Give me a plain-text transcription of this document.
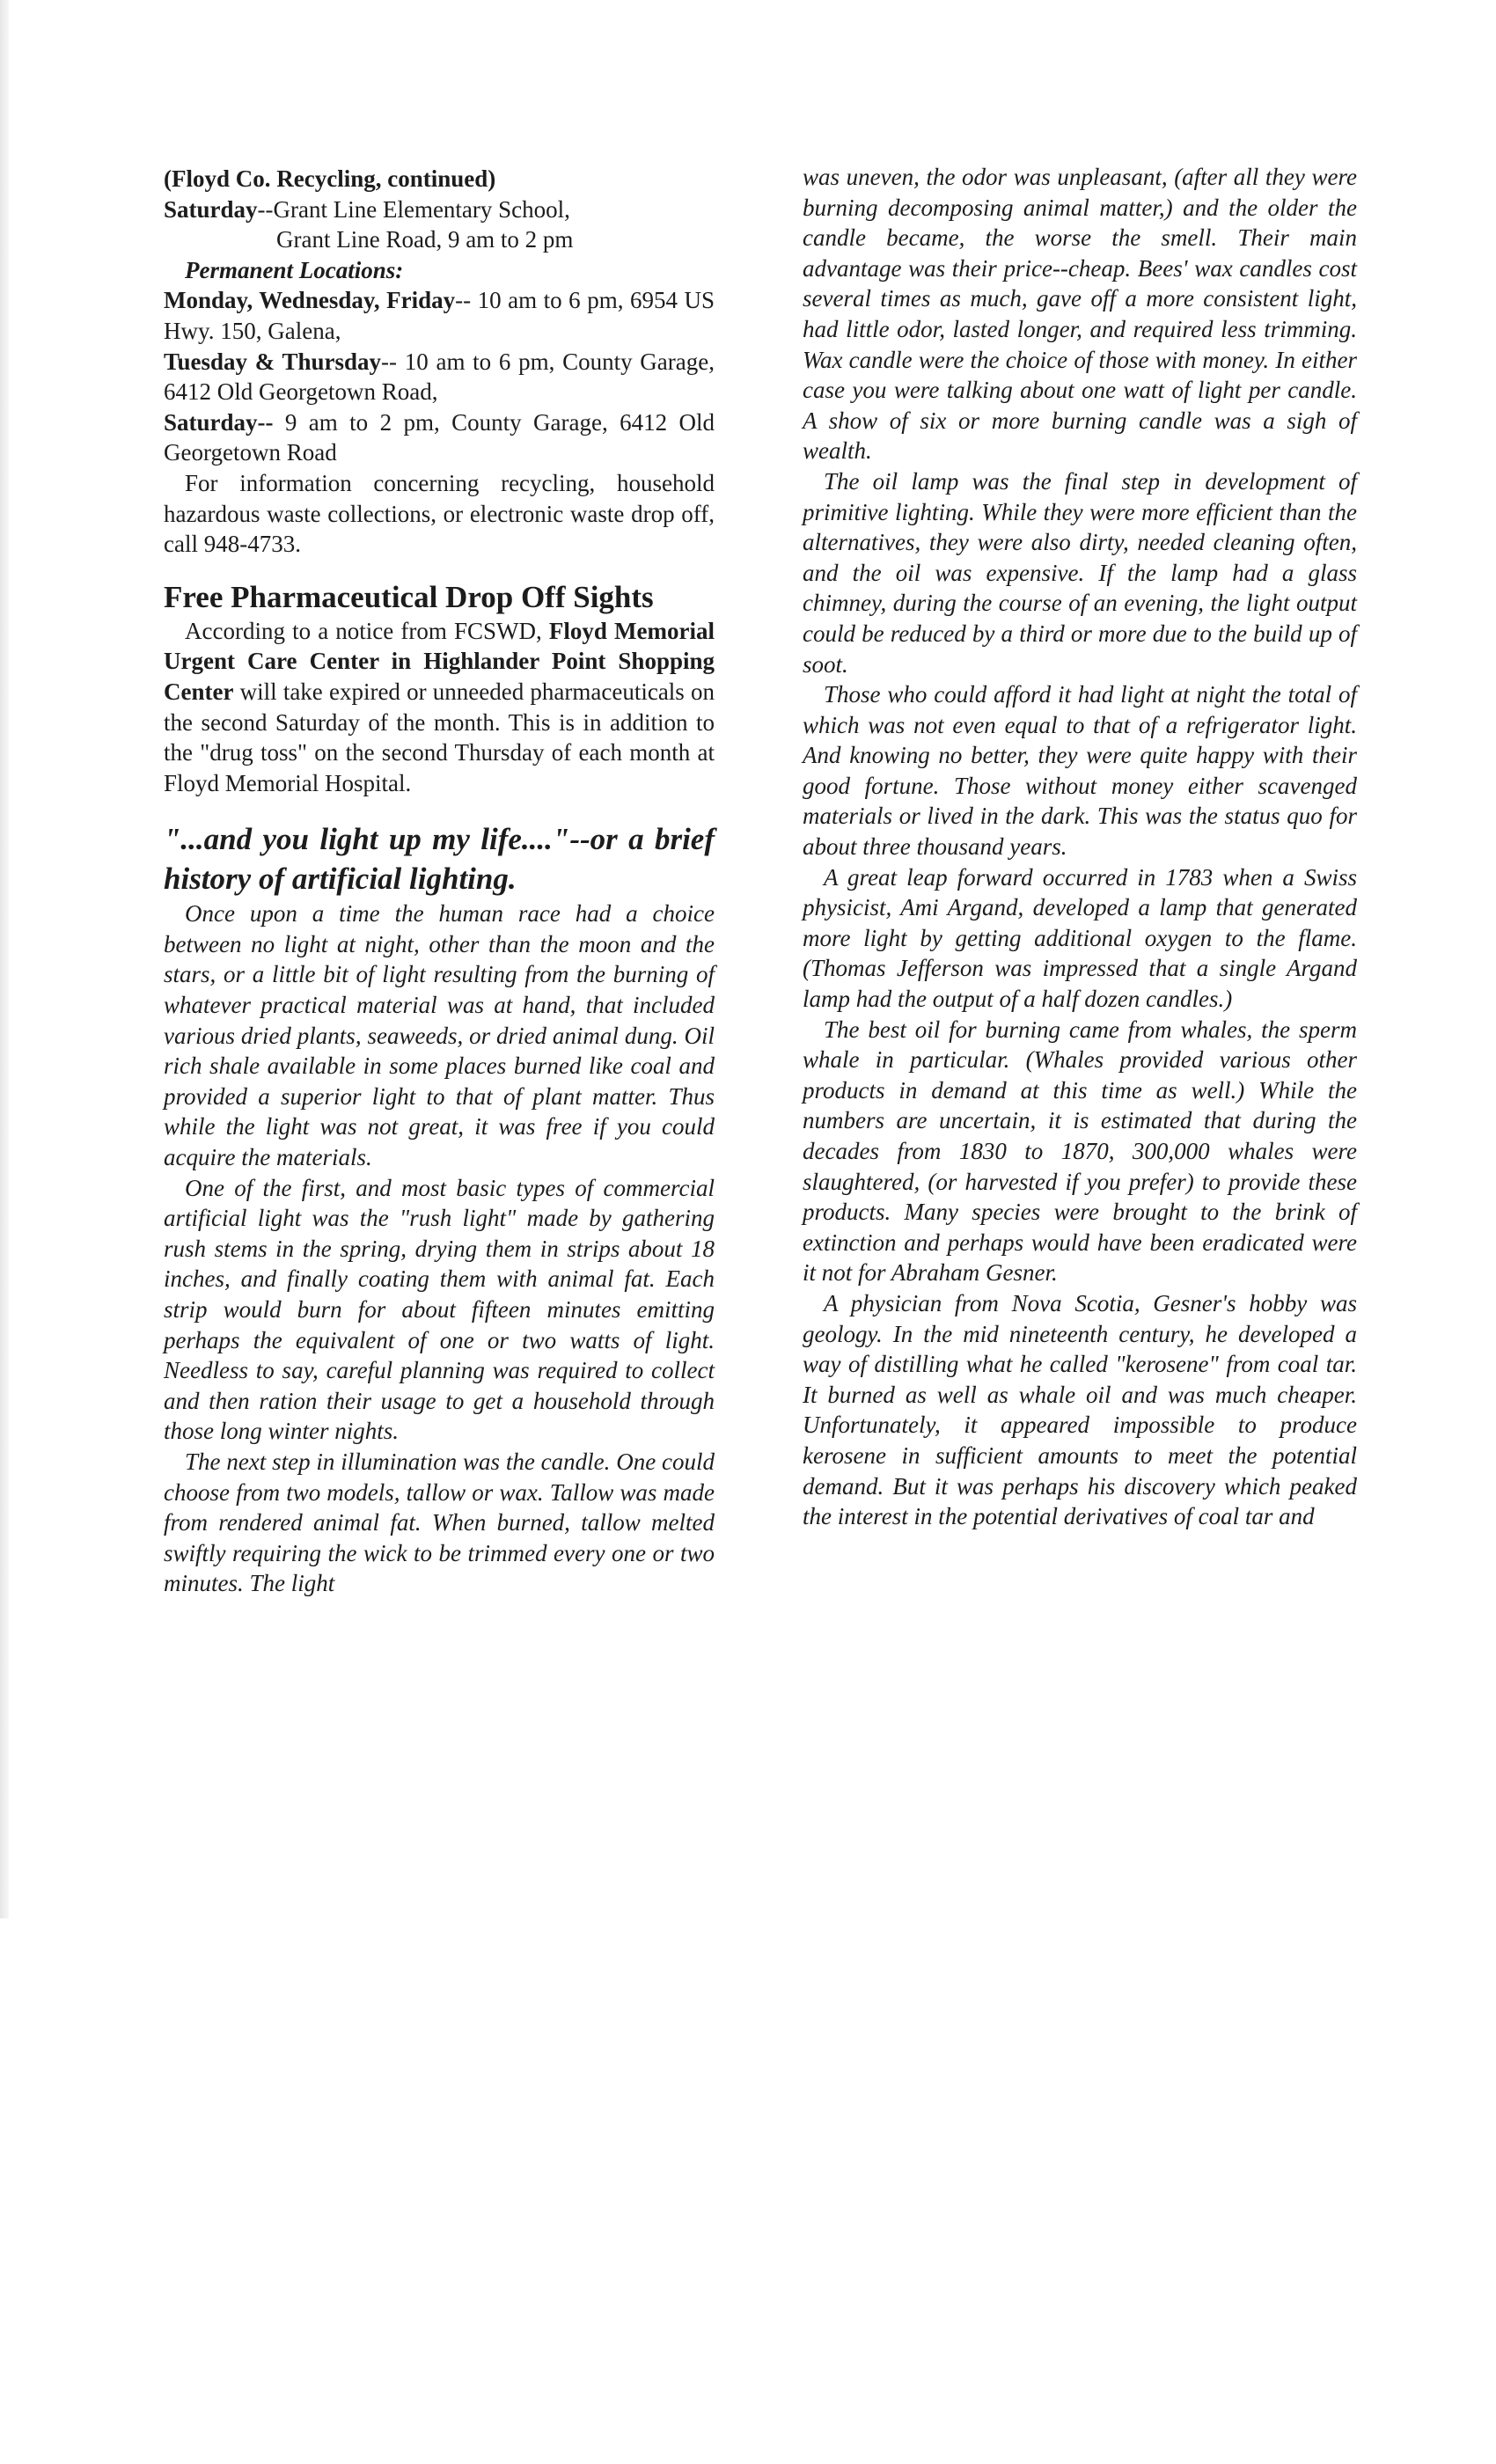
(Floyd Co. Recycling, continued)

Saturday--Grant Line Elementary School,

Grant Line Road, 9 am to 2 pm

Permanent Locations:

Monday, Wednesday, Friday-- 10 am to 6 pm, 6954 US Hwy. 150, Galena,

Tuesday & Thursday-- 10 am to 6 pm, County Garage, 6412 Old Georgetown Road,

Saturday-- 9 am to 2 pm, County Garage, 6412 Old Georgetown Road

For information concerning recycling, household hazardous waste collections, or electronic waste drop off, call 948-4733.

Free Pharmaceutical Drop Off Sights

According to a notice from FCSWD, Floyd Memorial Urgent Care Center in Highlander Point Shopping Center will take expired or unneeded pharmaceuticals on the second Saturday of the month. This is in addition to the "drug toss" on the second Thursday of each month at Floyd Memorial Hospital.

"...and you light up my life...."--or a brief history of artificial lighting.

Once upon a time the human race had a choice between no light at night, other than the moon and the stars, or a little bit of light resulting from the burning of whatever practical material was at hand, that included various dried plants, seaweeds, or dried animal dung. Oil rich shale available in some places burned like coal and provided a superior light to that of plant matter. Thus while the light was not great, it was free if you could acquire the materials.

One of the first, and most basic types of commercial artificial light was the "rush light" made by gathering rush stems in the spring, drying them in strips about 18 inches, and finally coating them with animal fat. Each strip would burn for about fifteen minutes emitting perhaps the equivalent of one or two watts of light. Needless to say, careful planning was required to collect and then ration their usage to get a household through those long winter nights.

The next step in illumination was the candle. One could choose from two models, tallow or wax. Tallow was made from rendered animal fat. When burned, tallow melted swiftly requiring the wick to be trimmed every one or two minutes. The light

was uneven, the odor was unpleasant, (after all they were burning decomposing animal matter,) and the older the candle became, the worse the smell. Their main advantage was their price--cheap. Bees' wax candles cost several times as much, gave off a more consistent light, had little odor, lasted longer, and required less trimming. Wax candle were the choice of those with money. In either case you were talking about one watt of light per candle. A show of six or more burning candle was a sigh of wealth.

The oil lamp was the final step in development of primitive lighting. While they were more efficient than the alternatives, they were also dirty, needed cleaning often, and the oil was expensive. If the lamp had a glass chimney, during the course of an evening, the light output could be reduced by a third or more due to the build up of soot.

Those who could afford it had light at night the total of which was not even equal to that of a refrigerator light. And knowing no better, they were quite happy with their good fortune. Those without money either scavenged materials or lived in the dark. This was the status quo for about three thousand years.

A great leap forward occurred in 1783 when a Swiss physicist, Ami Argand, developed a lamp that generated more light by getting additional oxygen to the flame. (Thomas Jefferson was impressed that a single Argand lamp had the output of a half dozen candles.)

The best oil for burning came from whales, the sperm whale in particular. (Whales provided various other products in demand at this time as well.) While the numbers are uncertain, it is estimated that during the decades from 1830 to 1870, 300,000 whales were slaughtered, (or harvested if you prefer) to provide these products. Many species were brought to the brink of extinction and perhaps would have been eradicated were it not for Abraham Gesner.

A physician from Nova Scotia, Gesner's hobby was geology. In the mid nineteenth century, he developed a way of distilling what he called "kerosene" from coal tar. It burned as well as whale oil and was much cheaper. Unfortunately, it appeared impossible to produce kerosene in sufficient amounts to meet the potential demand. But it was perhaps his discovery which peaked the interest in the potential derivatives of coal tar and
